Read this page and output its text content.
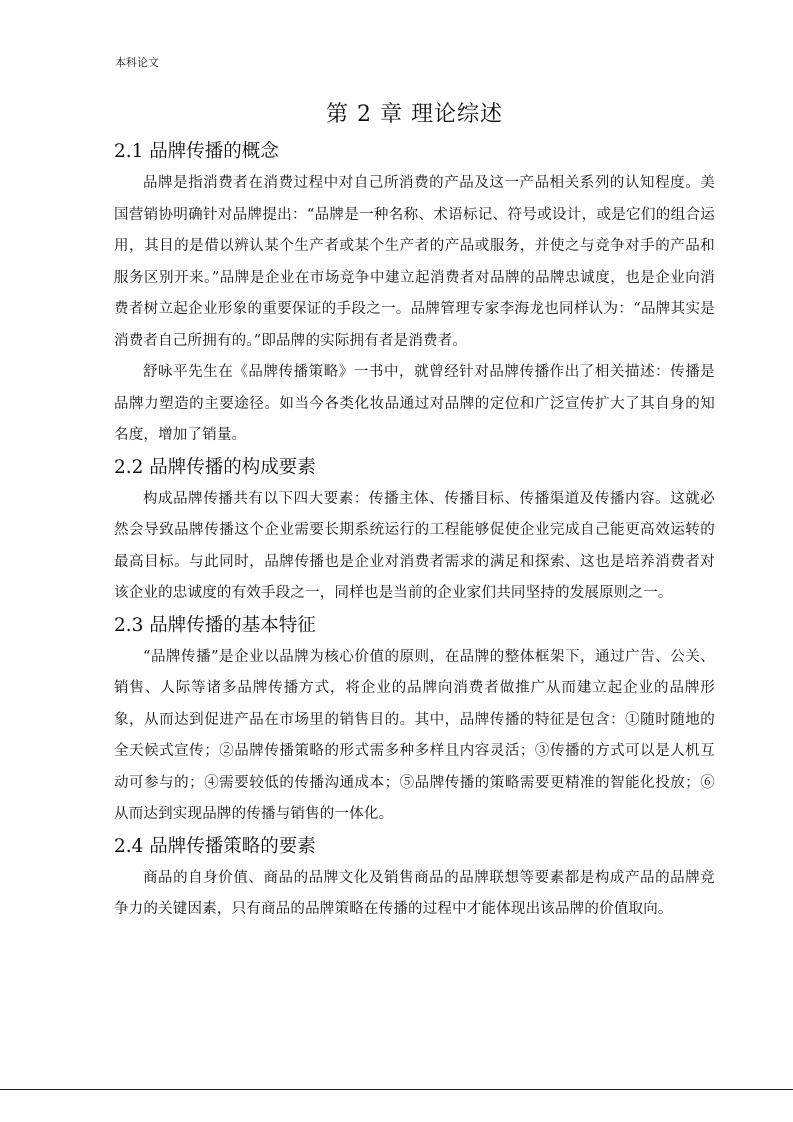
本科论文
第 2 章 理论综述
2.1 品牌传播的概念

品牌是指消费者在消费过程中对自己所消费的产品及这一产品相关系列的认知程度。美国营销协明确针对品牌提出：“品牌是一种名称、术语标记、符号或设计，或是它们的组合运用，其目的是借以辨认某个生产者或某个生产者的产品或服务，并使之与竞争对手的产品和服务区别开来。”品牌是企业在市场竞争中建立起消费者对品牌的品牌忠诚度，也是企业向消费者树立起企业形象的重要保证的手段之一。品牌管理专家李海龙也同样认为：“品牌其实是消费者自己所拥有的。”即品牌的实际拥有者是消费者。

舒咏平先生在《品牌传播策略》一书中，就曾经针对品牌传播作出了相关描述：传播是品牌力塑造的主要途径。如当今各类化妆品通过对品牌的定位和广泛宣传扩大了其自身的知名度，增加了销量。

2.2 品牌传播的构成要素

构成品牌传播共有以下四大要素：传播主体、传播目标、传播渠道及传播内容。这就必然会导致品牌传播这个企业需要长期系统运行的工程能够促使企业完成自己能更高效运转的最高目标。与此同时，品牌传播也是企业对消费者需求的满足和探索、这也是培养消费者对该企业的忠诚度的有效手段之一，同样也是当前的企业家们共同坚持的发展原则之一。

2.3 品牌传播的基本特征

“品牌传播”是企业以品牌为核心价值的原则，在品牌的整体框架下，通过广告、公关、销售、人际等诸多品牌传播方式，将企业的品牌向消费者做推广从而建立起企业的品牌形象，从而达到促进产品在市场里的销售目的。其中，品牌传播的特征是包含：①随时随地的全天候式宣传；②品牌传播策略的形式需多种多样且内容灵活；③传播的方式可以是人机互动可参与的；④需要较低的传播沟通成本；⑤品牌传播的策略需要更精准的智能化投放；⑥从而达到实现品牌的传播与销售的一体化。

2.4 品牌传播策略的要素

商品的自身价值、商品的品牌文化及销售商品的品牌联想等要素都是构成产品的品牌竞争力的关键因素，只有商品的品牌策略在传播的过程中才能体现出该品牌的价值取向。
